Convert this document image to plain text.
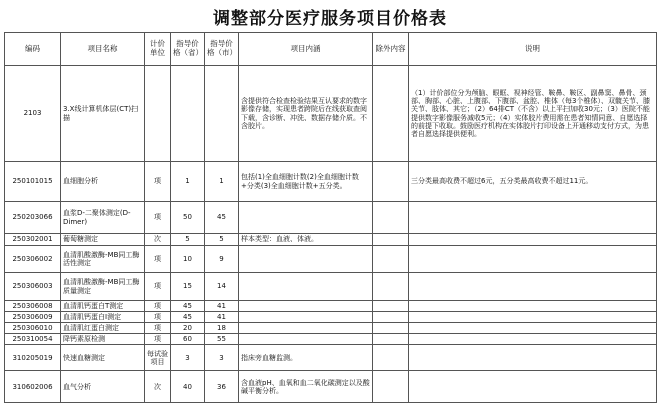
调整部分医疗服务项目价格表
编码	项目名称	计价单位	指导价格（省）	指导价格（市）	项目内涵	除外内容	说明
2103	3.X线计算机体层(CT)扫描				含提供符合检查检验结果互认要求的数字影像存储，实现患者跨院后在线获取查阅下载，含诊断、冲洗、数据存储介质。不含胶片。		（1）计价部位分为颅脑、眼眶、视神经管、鞍鼻、鞍区、副鼻窦、鼻骨、颈部、胸部、心脏、上腹部、下腹部、盆腔、椎体（每3个椎体）、双髋关节、膝关节、肢体、其它；（2）64排CT（不含）以上平扫加收30元；（3）医院不能提供数字影像服务减收5元；（4）实体胶片费用需在患者知情同意、自愿选择的前提下收取。鼓励医疗机构在实体胶片打印设备上开通移动支付方式，为患者自愿选择提供便利。
250101015	血细胞分析	项	1	1	包括(1)全血细胞计数(2)全血细胞计数+分类(3)全血细胞计数+五分类。		三分类最高收费不超过6元，五分类最高收费不超过11元。
250203066	血浆D-二聚体测定(D-Dimer)	项	50	45			
250302001	葡萄糖测定	次	5	5	样本类型：血液、体液。		
250306002	血清肌酸激酶-MB同工酶活性测定	项	10	9			
250306003	血清肌酸激酶-MB同工酶质量测定	项	15	14			
250306008	血清肌钙蛋白T测定	项	45	41			
250306009	血清肌钙蛋白Ⅰ测定	项	45	41			
250306010	血清肌红蛋白测定	项	20	18			
250310054	降钙素原检测	项	60	55			
310205019	快速血糖测定	每试验项目	3	3	指床旁血糖监测。		
310602006	血气分析	次	40	36	含血液pH、血氧和血二氧化碳测定以及酸碱平衡分析。		
